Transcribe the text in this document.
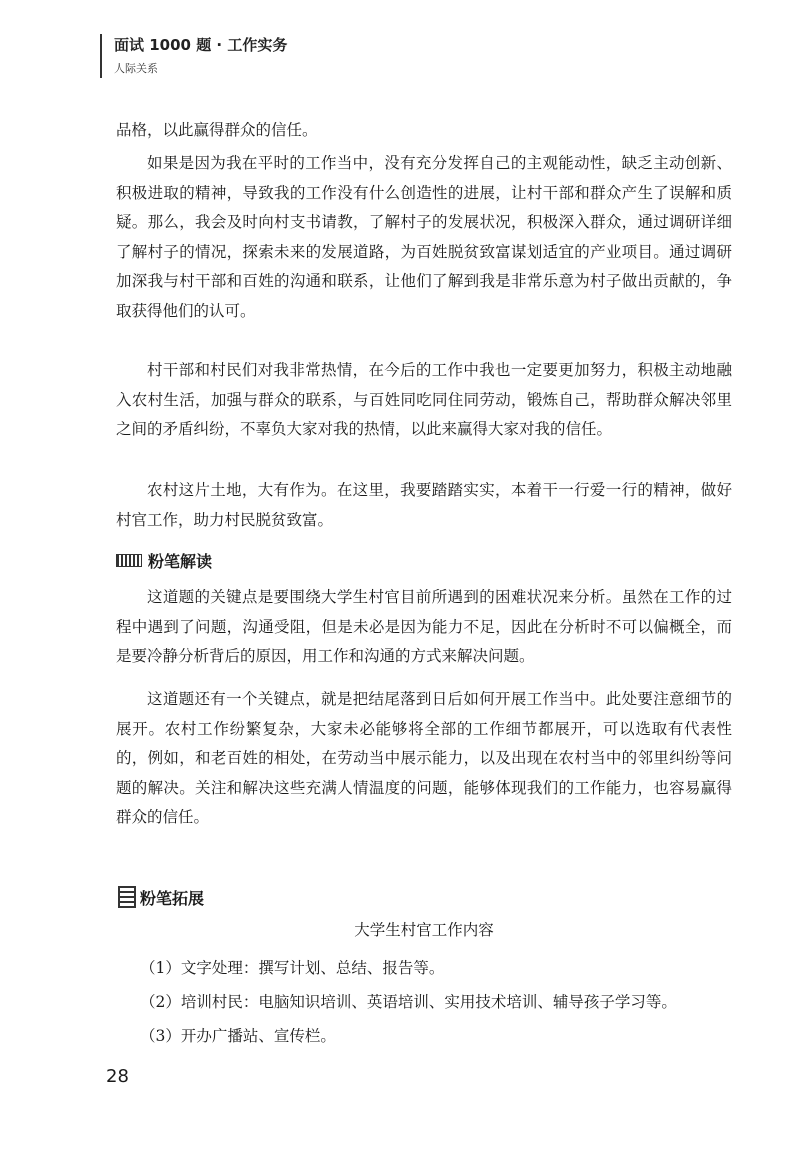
面试 1000 题 · 工作实务
人际关系

品格，以此赢得群众的信任。

如果是因为我在平时的工作当中，没有充分发挥自己的主观能动性，缺乏主动创新、积极进取的精神，导致我的工作没有什么创造性的进展，让村干部和群众产生了误解和质疑。那么，我会及时向村支书请教，了解村子的发展状况，积极深入群众，通过调研详细了解村子的情况，探索未来的发展道路，为百姓脱贫致富谋划适宜的产业项目。通过调研加深我与村干部和百姓的沟通和联系，让他们了解到我是非常乐意为村子做出贡献的，争取获得他们的认可。

村干部和村民们对我非常热情，在今后的工作中我也一定要更加努力，积极主动地融入农村生活，加强与群众的联系，与百姓同吃同住同劳动，锻炼自己，帮助群众解决邻里之间的矛盾纠纷，不辜负大家对我的热情，以此来赢得大家对我的信任。

农村这片土地，大有作为。在这里，我要踏踏实实，本着干一行爱一行的精神，做好村官工作，助力村民脱贫致富。

粉笔解读

这道题的关键点是要围绕大学生村官目前所遇到的困难状况来分析。虽然在工作的过程中遇到了问题，沟通受阻，但是未必是因为能力不足，因此在分析时不可以偏概全，而是要冷静分析背后的原因，用工作和沟通的方式来解决问题。

这道题还有一个关键点，就是把结尾落到日后如何开展工作当中。此处要注意细节的展开。农村工作纷繁复杂，大家未必能够将全部的工作细节都展开，可以选取有代表性的，例如，和老百姓的相处，在劳动当中展示能力，以及出现在农村当中的邻里纠纷等问题的解决。关注和解决这些充满人情温度的问题，能够体现我们的工作能力，也容易赢得群众的信任。

粉笔拓展
大学生村官工作内容
（1）文字处理：撰写计划、总结、报告等。
（2）培训村民：电脑知识培训、英语培训、实用技术培训、辅导孩子学习等。
（3）开办广播站、宣传栏。
28
